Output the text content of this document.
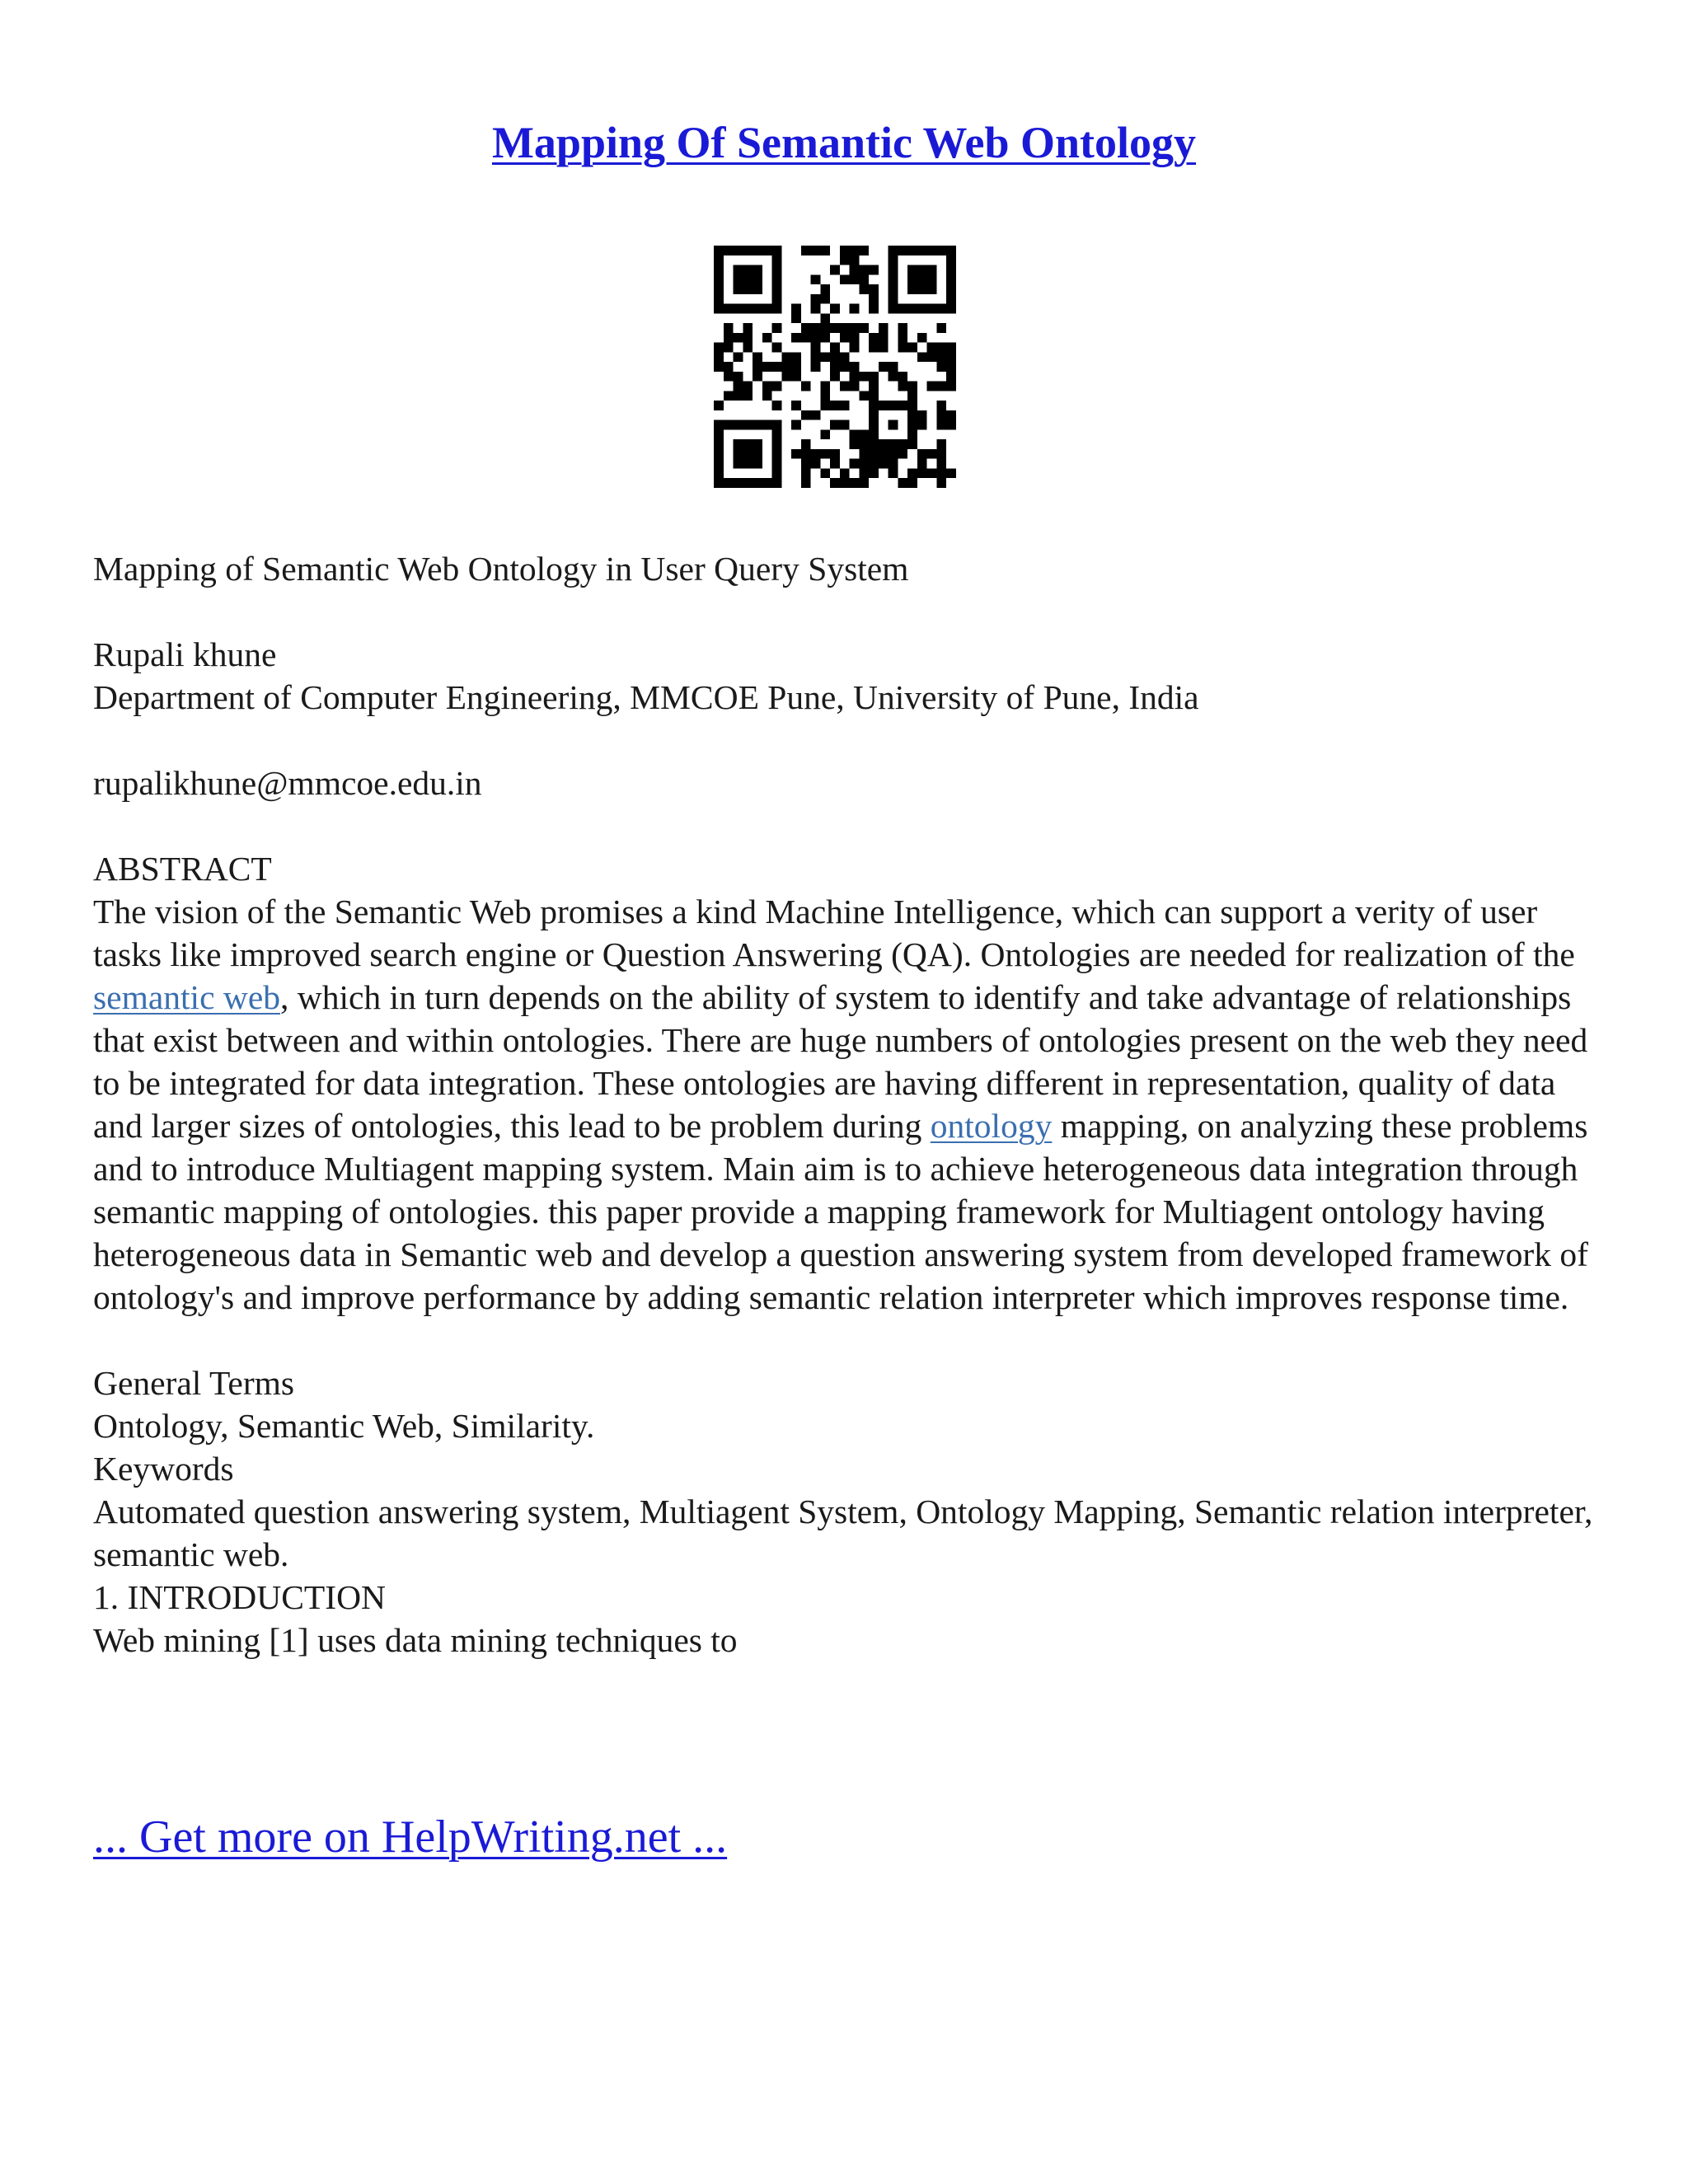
Mapping Of Semantic Web Ontology

Mapping of Semantic Web Ontology in User Query System

Rupali khune

Department of Computer Engineering, MMCOE Pune, University of Pune, India

rupalikhune@mmcoe.edu.in

ABSTRACT

The vision of the Semantic Web promises a kind Machine Intelligence, which can support a verity of user tasks like improved search engine or Question Answering (QA). Ontologies are needed for realization of the semantic web, which in turn depends on the ability of system to identify and take advantage of relationships that exist between and within ontologies. There are huge numbers of ontologies present on the web they need to be integrated for data integration. These ontologies are having different in representation, quality of data and larger sizes of ontologies, this lead to be problem during ontology mapping, on analyzing these problems and to introduce Multiagent mapping system. Main aim is to achieve heterogeneous data integration through semantic mapping of ontologies. this paper provide a mapping framework for Multiagent ontology having heterogeneous data in Semantic web and develop a question answering system from developed framework of ontology's and improve performance by adding semantic relation interpreter which improves response time.

General Terms

Ontology, Semantic Web, Similarity.

Keywords

Automated question answering system, Multiagent System, Ontology Mapping, Semantic relation interpreter, semantic web.

1. INTRODUCTION

Web mining [1] uses data mining techniques to

... Get more on HelpWriting.net ...
